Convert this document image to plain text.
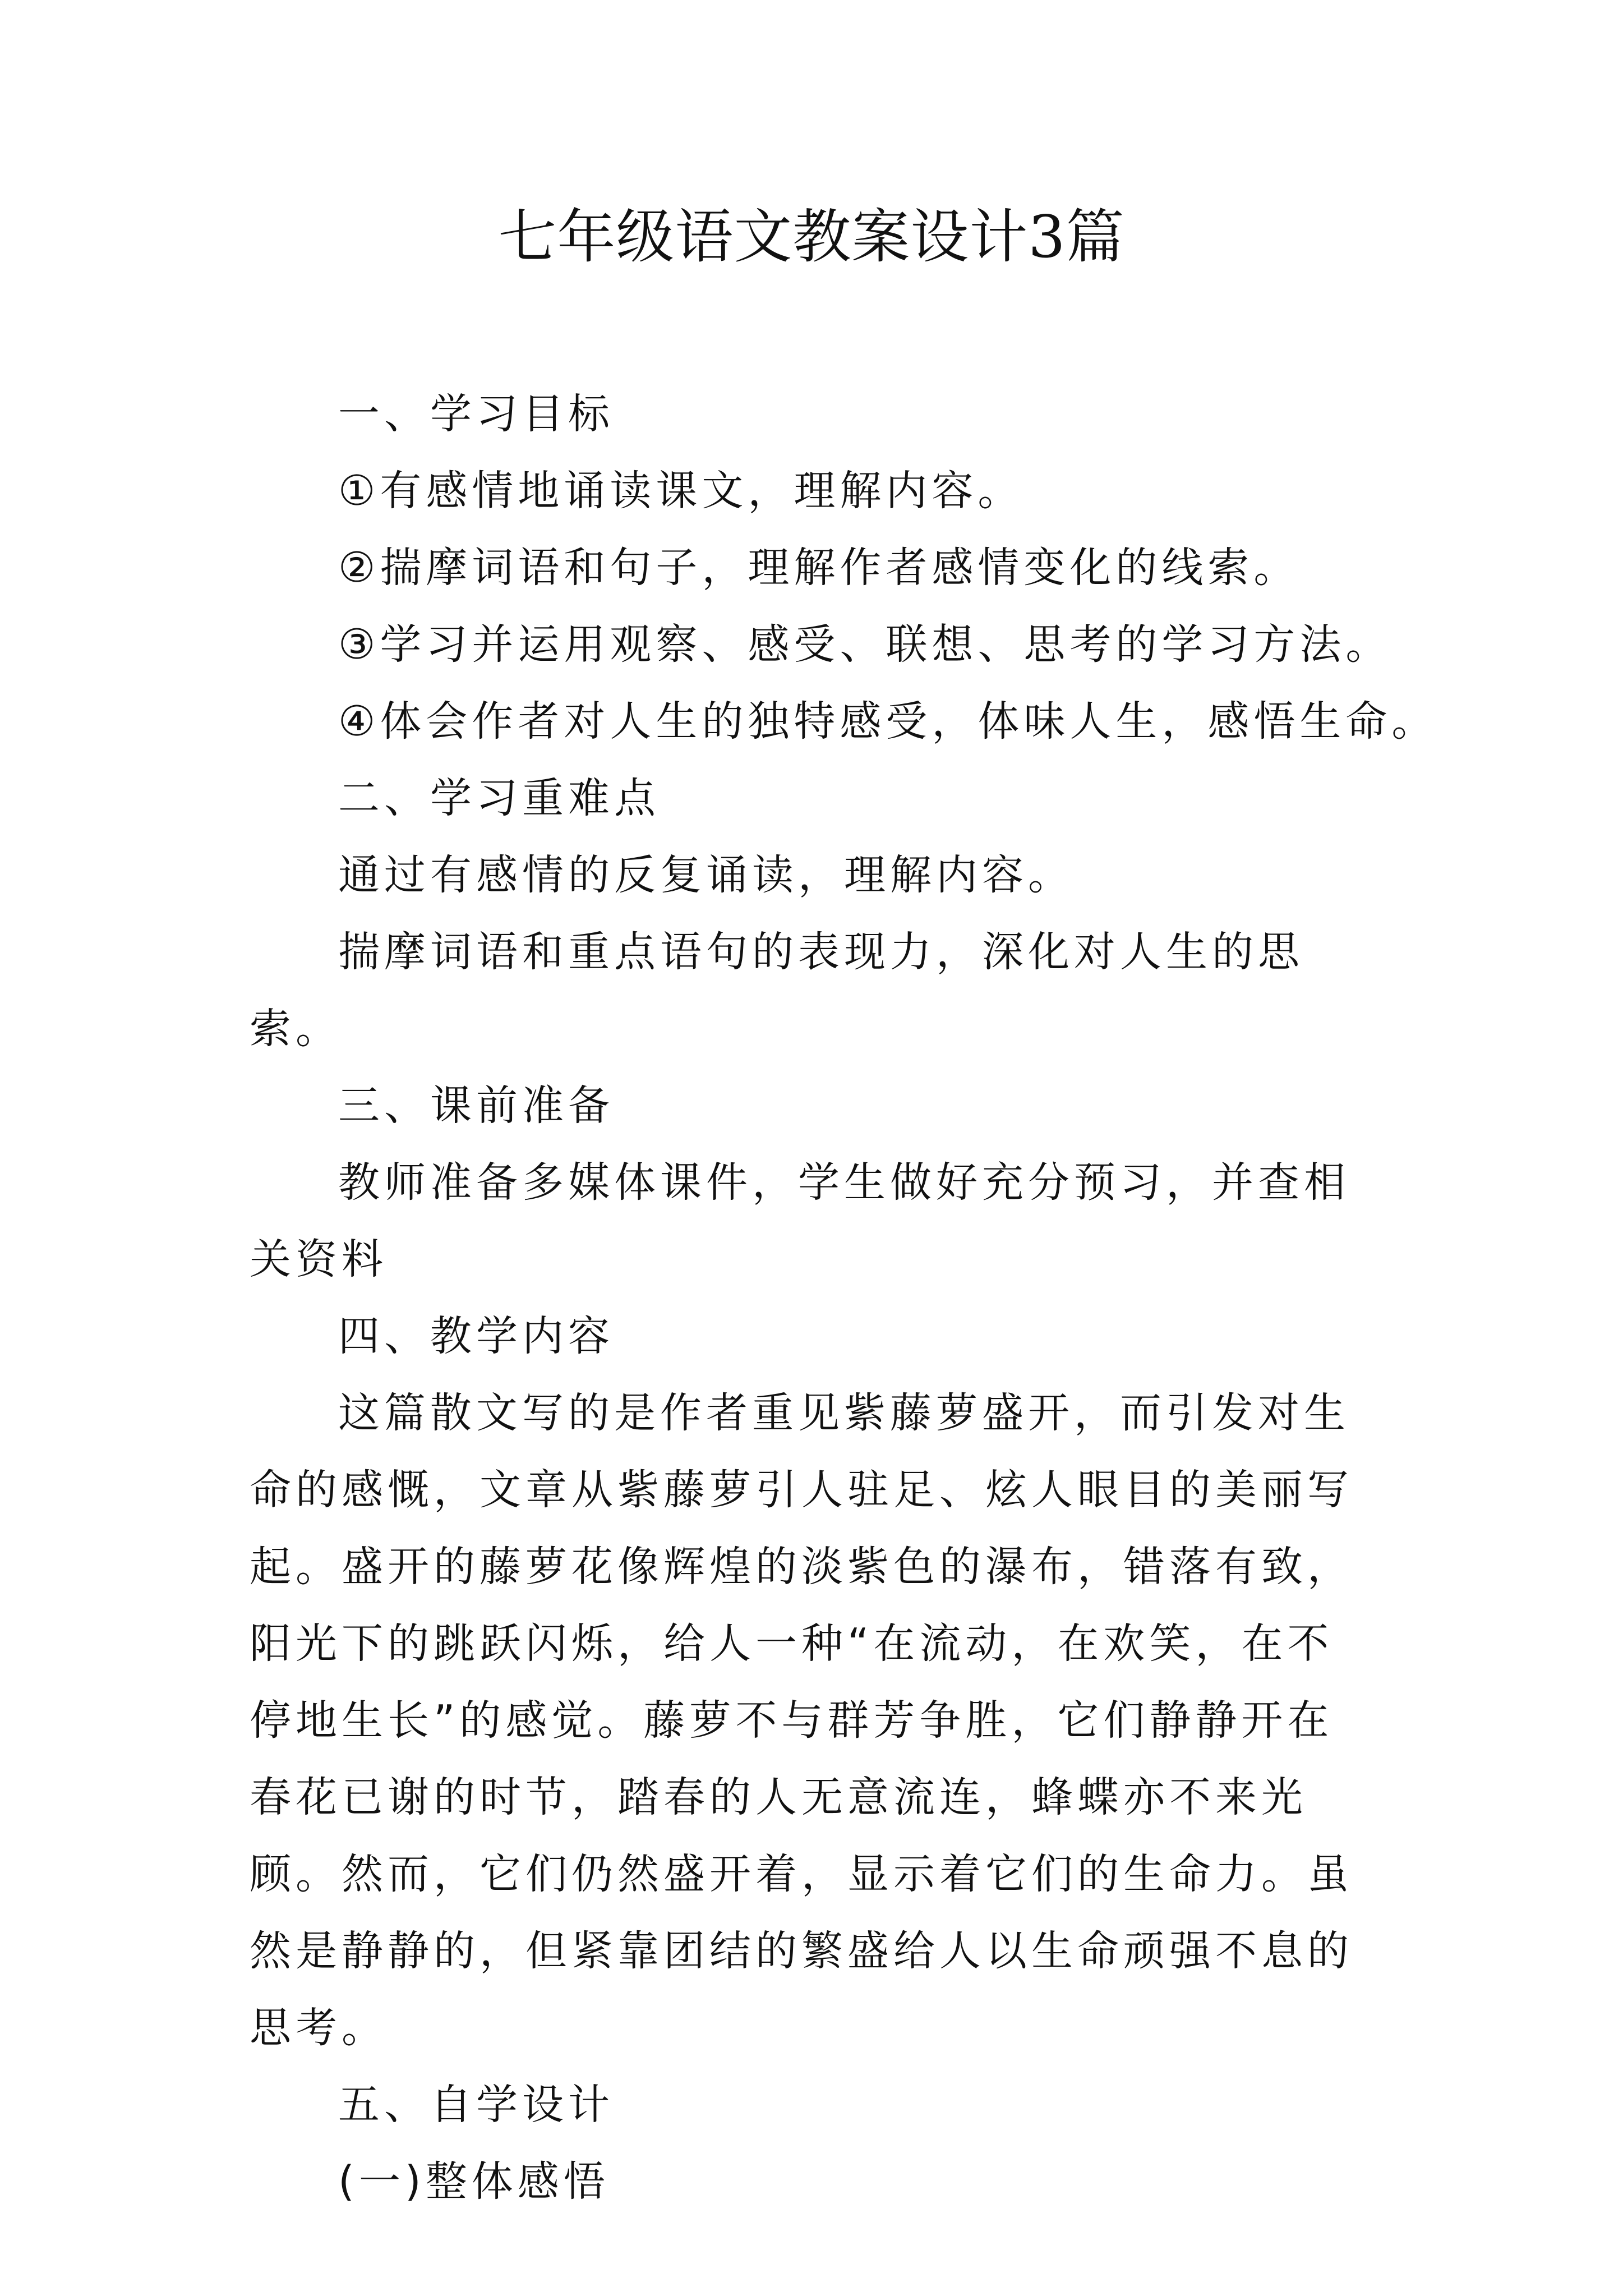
七年级语文教案设计3篇

一、学习目标

①有感情地诵读课文，理解内容。

②揣摩词语和句子，理解作者感情变化的线索。

③学习并运用观察、感受、联想、思考的学习方法。

④体会作者对人生的独特感受，体味人生，感悟生命。

二、学习重难点

通过有感情的反复诵读，理解内容。

揣摩词语和重点语句的表现力，深化对人生的思索。

三、课前准备

教师准备多媒体课件，学生做好充分预习，并查相关资料

四、教学内容

这篇散文写的是作者重见紫藤萝盛开，而引发对生命的感慨，文章从紫藤萝引人驻足、炫人眼目的美丽写起。盛开的藤萝花像辉煌的淡紫色的瀑布，错落有致，阳光下的跳跃闪烁，给人一种“在流动，在欢笑，在不停地生长”的感觉。藤萝不与群芳争胜，它们静静开在春花已谢的时节，踏春的人无意流连，蜂蝶亦不来光顾。然而，它们仍然盛开着，显示着它们的生命力。虽然是静静的，但紧靠团结的繁盛给人以生命顽强不息的思考。

五、自学设计

(一)整体感悟
